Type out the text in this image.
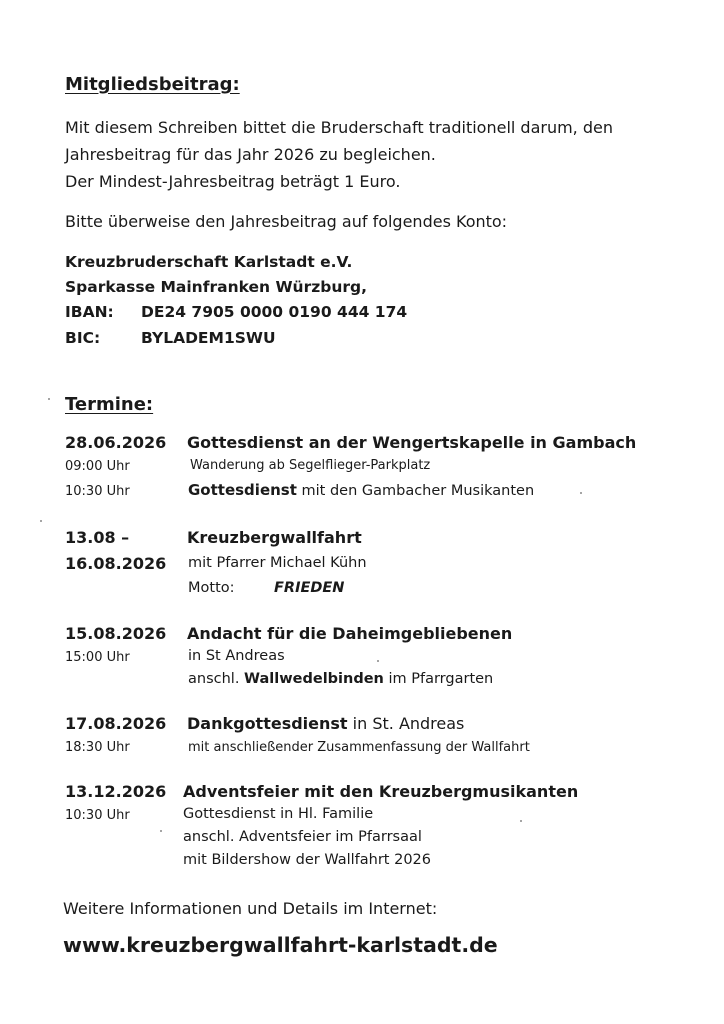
Mitgliedsbeitrag:
Mit diesem Schreiben bittet die Bruderschaft traditionell darum, den
Jahresbeitrag für das Jahr 2026 zu begleichen.
Der Mindest-Jahresbeitrag beträgt 1 Euro.
Bitte überweise den Jahresbeitrag auf folgendes Konto:
Kreuzbruderschaft Karlstadt e.V.
Sparkasse Mainfranken Würzburg,
IBAN: DE24 7905 0000 0190 444 174
BIC:	BYLADEM1SWU
Termine:
28.06.2026 Gottesdienst an der Wengertskapelle in Gambach
09:00 Uhr	Wanderung ab Segelflieger-Parkplatz
10:30 Uhr	Gottesdienst mit den Gambacher Musikanten
13.08 –
16.08.2026
Kreuzbergwallfahrt
mit Pfarrer Michael Kühn
Motto:	FRIEDEN
15.08.2026 Andacht für die Daheimgebliebenen
15:00 Uhr	in St Andreas
anschl. Wallwedelbinden im Pfarrgarten
17.08.2026 Dankgottesdienst in St. Andreas
18:30 Uhr	mit anschließender Zusammenfassung der Wallfahrt
13.12.2026 Adventsfeier mit den Kreuzbergmusikanten
10:30 Uhr	Gottesdienst in Hl. Familie
anschl. Adventsfeier im Pfarrsaal
mit Bildershow der Wallfahrt 2026
Weitere Informationen und Details im Internet:
www.kreuzbergwallfahrt-karlstadt.de
